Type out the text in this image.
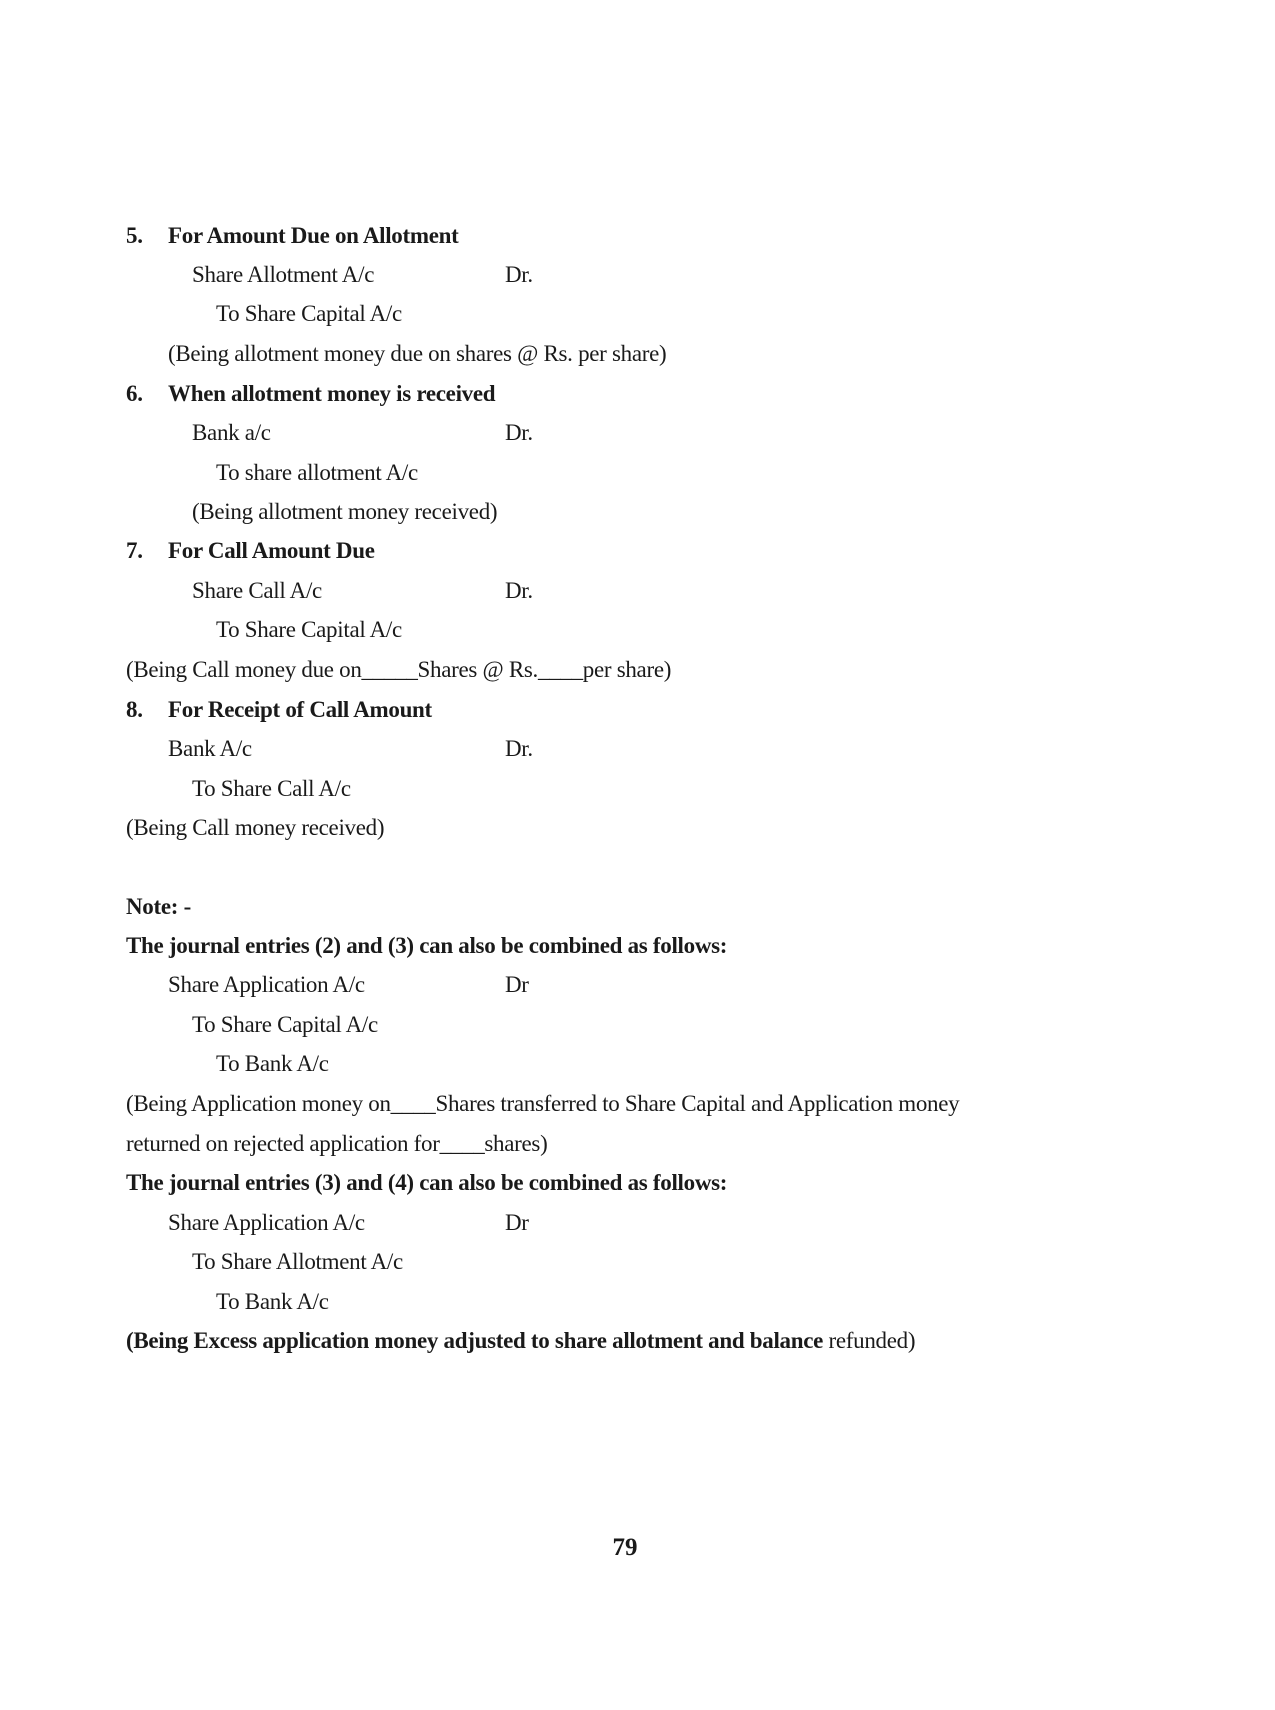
5. For Amount Due on Allotment
Share Allotment A/c	Dr.
To Share Capital A/c
(Being allotment money due on shares @ Rs. per share)
6. When allotment money is received
Bank a/c	Dr.
To share allotment A/c
(Being allotment money received)
7. For Call Amount Due
Share Call A/c	Dr.
To Share Capital A/c
(Being Call money due on_____Shares @ Rs.____per share)
8. For Receipt of Call Amount
Bank A/c	Dr.
To Share Call A/c
(Being Call money received)
Note: -
The journal entries (2) and (3) can also be combined as follows:
Share Application A/c	Dr
To Share Capital A/c
To Bank A/c
(Being Application money on____Shares transferred to Share Capital and Application money
returned on rejected application for____shares)
The journal entries (3) and (4) can also be combined as follows:
Share Application A/c	Dr
To Share Allotment A/c
To Bank A/c
(Being Excess application money adjusted to share allotment and balance refunded)
79
